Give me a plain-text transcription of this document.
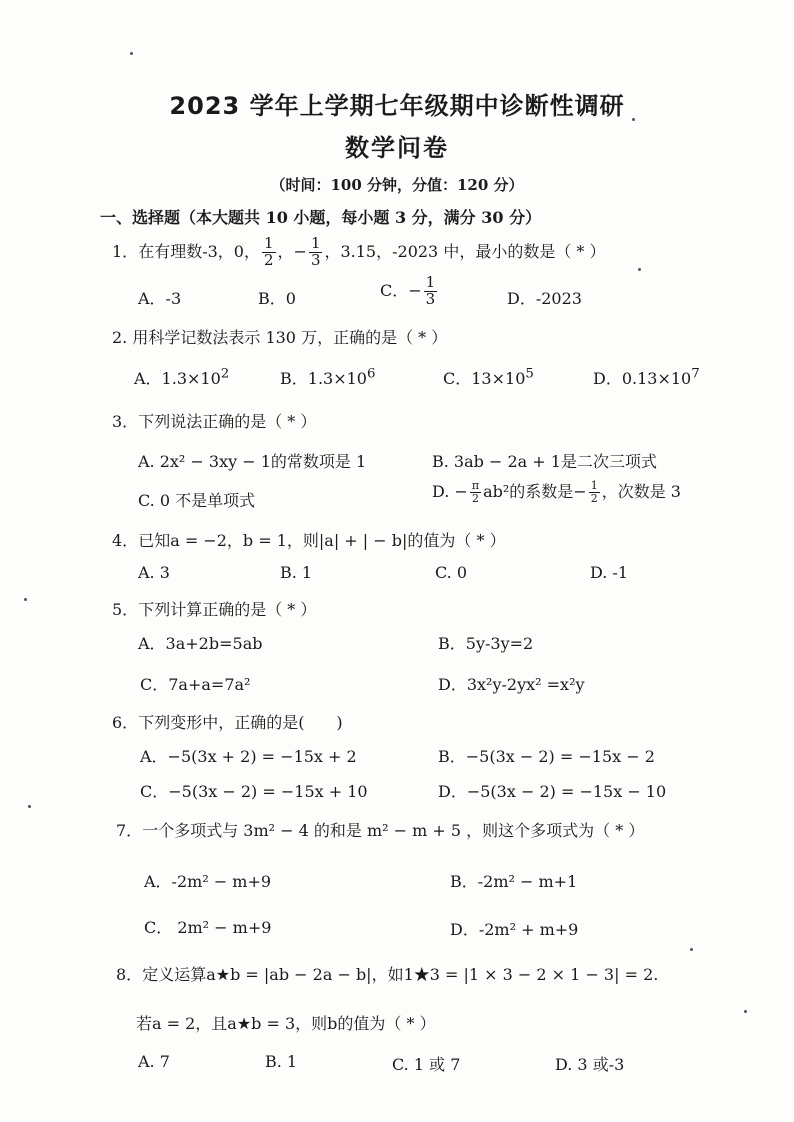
2023 学年上学期七年级期中诊断性调研
数学问卷
（时间：100 分钟，分值：120 分）
一、选择题（本大题共 10 小题，每小题 3 分，满分 30 分）
1．在有理数-3，0， $\frac{1}{2}$ ，− $\frac{1}{3}$ ，3.15，-2023 中，最小的数是（ * ）
A．-3	B．0	C．− $\frac{1}{3}$	D．-2023
2. 用科学记数法表示 130 万，正确的是（ * ）
A．$1.3\times 10^2$	B．$1.3\times 10^6$	C．$13\times 10^5$	D．$0.13\times 10^7$
3．下列说法正确的是（ * ）
A. 2x² − 3xy − 1的常数项是 1	B. 3ab − 2a + 1是二次三项式
C. 0 不是单项式	D. − $\frac{\pi}{2} ab^2$的系数是− $\frac{1}{2}$ ，次数是 3
4．已知a = −2，b = 1，则|a| + | − b|的值为（ * ）
A. 3	B. 1	C. 0	D. -1
5．下列计算正确的是（ * ）
A．3a+2b=5ab	B．5y-3y=2
C．7a+a=7a²	D．3x²y-2yx² =x²y
6．下列变形中，正确的是(　　)
A．−5(3x + 2) = −15x + 2	B．−5(3x − 2) = −15x − 2
C．−5(3x − 2) = −15x + 10	D．−5(3x − 2) = −15x − 10
7．一个多项式与 3m² − 4 的和是 m² − m + 5 ，则这个多项式为（ * ）
A．-2m² − m+9	B．-2m² − m+1
C． 2m² − m+9	D．-2m² + m+9
8．定义运算a★b = |ab − 2a − b|，如1★3 = |1 × 3 − 2 × 1 − 3| = 2.
若a = 2，且a★b = 3，则b的值为（ * ）
A. 7	B. 1	C. 1 或 7	D. 3 或-3
